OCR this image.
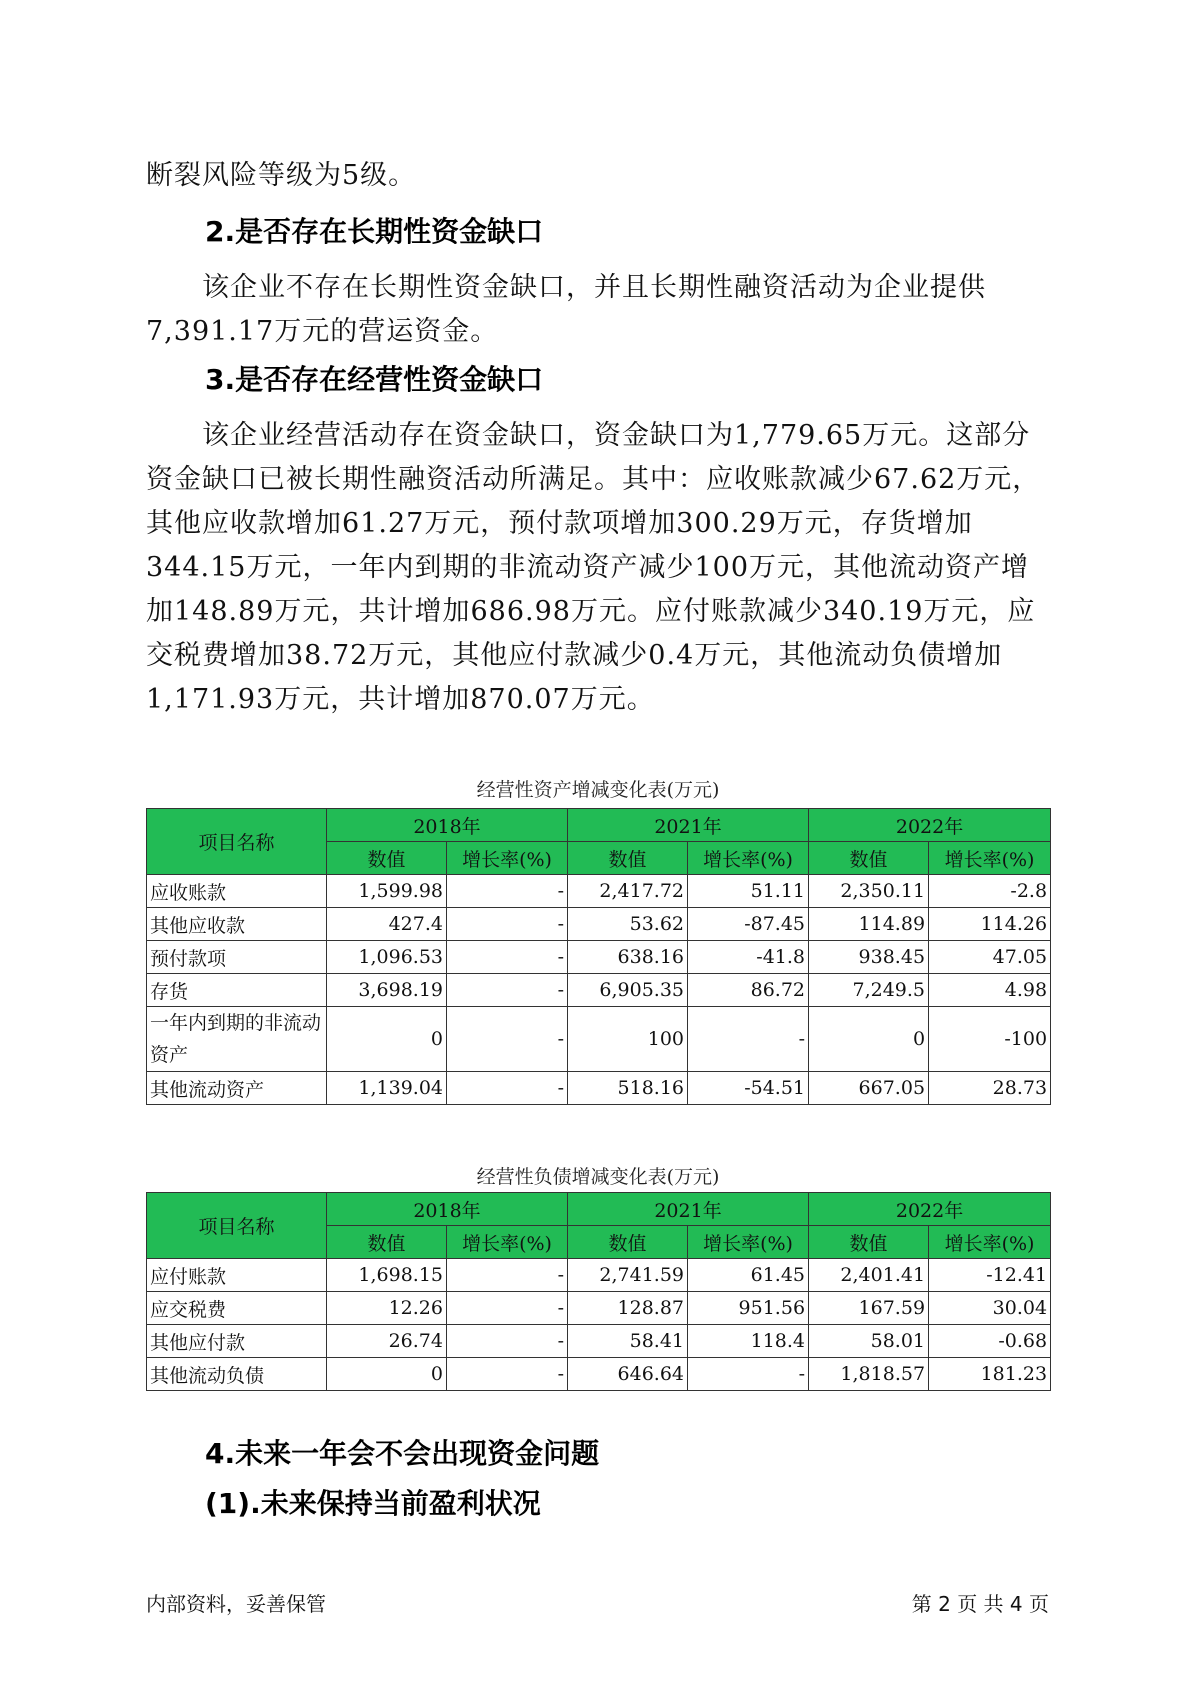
断裂风险等级为5级。

2.是否存在长期性资金缺口

该企业不存在长期性资金缺口，并且长期性融资活动为企业提供7,391.17万元的营运资金。

3.是否存在经营性资金缺口

该企业经营活动存在资金缺口，资金缺口为1,779.65万元。这部分资金缺口已被长期性融资活动所满足。其中：应收账款减少67.62万元，其他应收款增加61.27万元，预付款项增加300.29万元，存货增加344.15万元，一年内到期的非流动资产减少100万元，其他流动资产增加148.89万元，共计增加686.98万元。应付账款减少340.19万元，应交税费增加38.72万元，其他应付款减少0.4万元，其他流动负债增加1,171.93万元，共计增加870.07万元。

经营性资产增减变化表(万元)
项目名称	2018年		2021年		2022年	
	数值	增长率(%)	数值	增长率(%)	数值	增长率(%)
应收账款	1,599.98	-	2,417.72	51.11	2,350.11	-2.8
其他应收款	427.4	-	53.62	-87.45	114.89	114.26
预付款项	1,096.53	-	638.16	-41.8	938.45	47.05
存货	3,698.19	-	6,905.35	86.72	7,249.5	4.98
一年内到期的非流动资产	0	-	100	-	0	-100
其他流动资产	1,139.04	-	518.16	-54.51	667.05	28.73
经营性负债增减变化表(万元)
项目名称	2018年		2021年		2022年	
	数值	增长率(%)	数值	增长率(%)	数值	增长率(%)
应付账款	1,698.15	-	2,741.59	61.45	2,401.41	-12.41
应交税费	12.26	-	128.87	951.56	167.59	30.04
其他应付款	26.74	-	58.41	118.4	58.01	-0.68
其他流动负债	0	-	646.64	-	1,818.57	181.23
4.未来一年会不会出现资金问题
(1).未来保持当前盈利状况
内部资料，妥善保管	第 2 页 共 4 页
